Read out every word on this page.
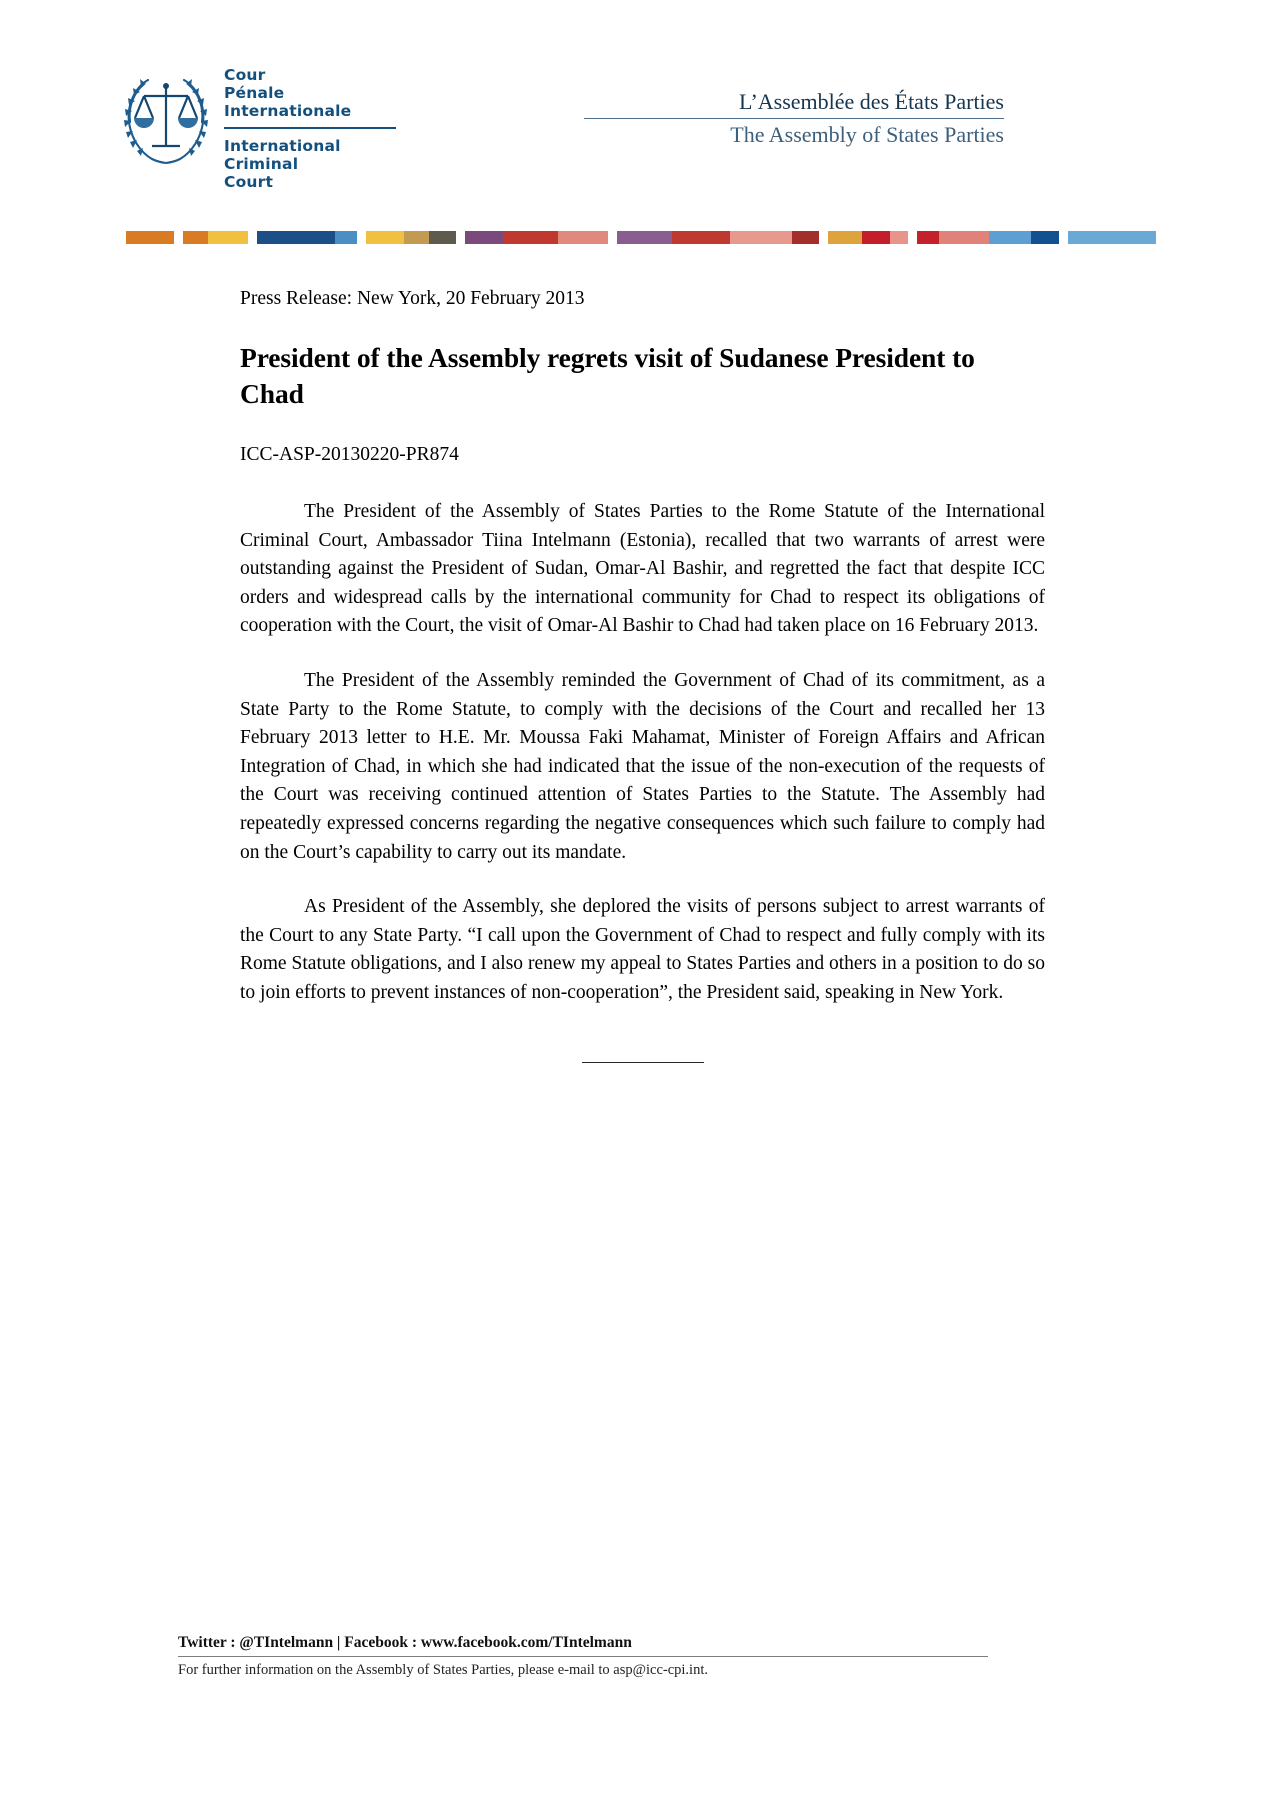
Cour
Pénale
Internationale
International
Criminal
Court
L’Assemblée des États Parties
The Assembly of States Parties

Press Release: New York, 20 February 2013

President of the Assembly regrets visit of Sudanese President to Chad

ICC-ASP-20130220-PR874

The President of the Assembly of States Parties to the Rome Statute of the International Criminal Court, Ambassador Tiina Intelmann (Estonia), recalled that two warrants of arrest were outstanding against the President of Sudan, Omar-Al Bashir, and regretted the fact that despite ICC orders and widespread calls by the international community for Chad to respect its obligations of cooperation with the Court, the visit of Omar-Al Bashir to Chad had taken place on 16 February 2013.

The President of the Assembly reminded the Government of Chad of its commitment, as a State Party to the Rome Statute, to comply with the decisions of the Court and recalled her 13 February 2013 letter to H.E. Mr. Moussa Faki Mahamat, Minister of Foreign Affairs and African Integration of Chad, in which she had indicated that the issue of the non-execution of the requests of the Court was receiving continued attention of States Parties to the Statute. The Assembly had repeatedly expressed concerns regarding the negative consequences which such failure to comply had on the Court’s capability to carry out its mandate.

As President of the Assembly, she deplored the visits of persons subject to arrest warrants of the Court to any State Party. “I call upon the Government of Chad to respect and fully comply with its Rome Statute obligations, and I also renew my appeal to States Parties and others in a position to do so to join efforts to prevent instances of non-cooperation”, the President said, speaking in New York.

Twitter : @TIntelmann | Facebook : www.facebook.com/TIntelmann
For further information on the Assembly of States Parties, please e-mail to asp@icc-cpi.int.
